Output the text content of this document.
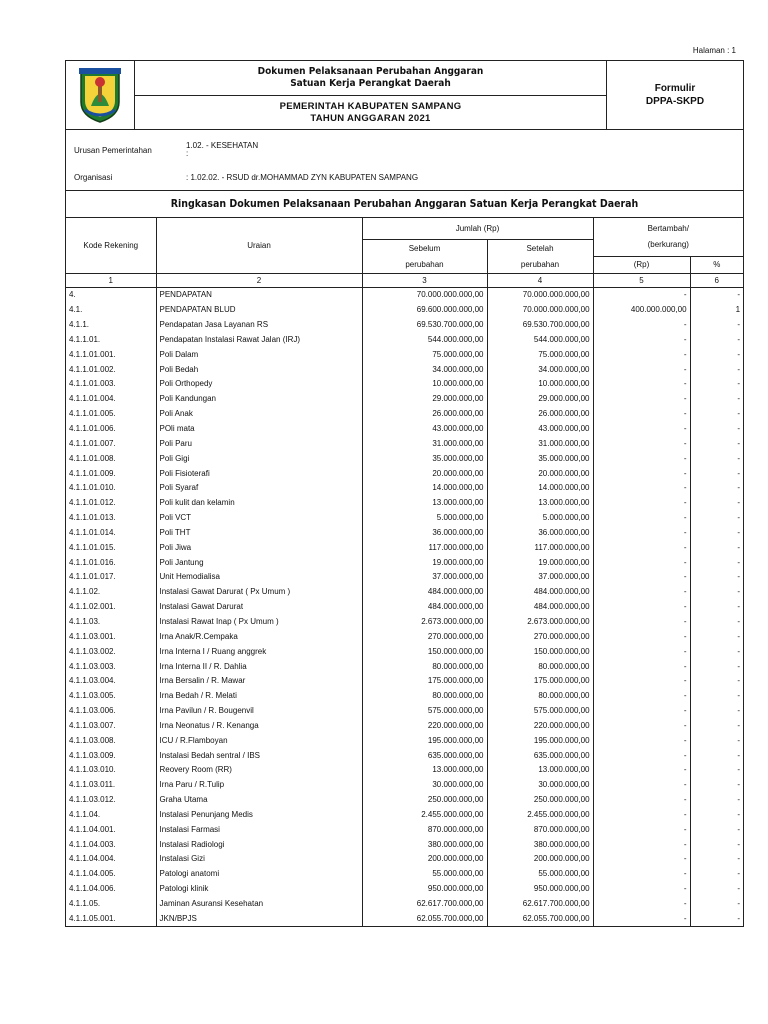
Halaman : 1
Dokumen Pelaksanaan Perubahan Anggaran
Satuan Kerja Perangkat Daerah
PEMERINTAH KABUPATEN SAMPANG
TAHUN ANGGARAN 2021
Formulir
DPPA-SKPD
Urusan Pemerintahan
1.02. - KESEHATAN
:
Organisasi	: 1.02.02. - RSUD dr.MOHAMMAD ZYN KABUPATEN SAMPANG
Ringkasan Dokumen Pelaksanaan Perubahan Anggaran Satuan Kerja Perangkat Daerah
Kode Rekening	Uraian	Jumlah (Rp)		Bertambah/	
		Sebelum	Setelah	(berkurang)	
		perubahan	perubahan	(Rp)	%
1	2	3	4	5	6
4.	PENDAPATAN	70.000.000.000,00	70.000.000.000,00	-	-
4.1.	PENDAPATAN BLUD	69.600.000.000,00	70.000.000.000,00	400.000.000,00	1
4.1.1.	Pendapatan Jasa Layanan RS	69.530.700.000,00	69.530.700.000,00	-	-
4.1.1.01.	Pendapatan Instalasi Rawat Jalan (IRJ)	544.000.000,00	544.000.000,00	-	-
4.1.1.01.001.	Poli Dalam	75.000.000,00	75.000.000,00	-	-
4.1.1.01.002.	Poli Bedah	34.000.000,00	34.000.000,00	-	-
4.1.1.01.003.	Poli Orthopedy	10.000.000,00	10.000.000,00	-	-
4.1.1.01.004.	Poli Kandungan	29.000.000,00	29.000.000,00	-	-
4.1.1.01.005.	Poli Anak	26.000.000,00	26.000.000,00	-	-
4.1.1.01.006.	POli mata	43.000.000,00	43.000.000,00	-	-
4.1.1.01.007.	Poli Paru	31.000.000,00	31.000.000,00	-	-
4.1.1.01.008.	Poli Gigi	35.000.000,00	35.000.000,00	-	-
4.1.1.01.009.	Poli Fisioterafi	20.000.000,00	20.000.000,00	-	-
4.1.1.01.010.	Poli Syaraf	14.000.000,00	14.000.000,00	-	-
4.1.1.01.012.	Poli kulit dan kelamin	13.000.000,00	13.000.000,00	-	-
4.1.1.01.013.	Poli VCT	5.000.000,00	5.000.000,00	-	-
4.1.1.01.014.	Poli THT	36.000.000,00	36.000.000,00	-	-
4.1.1.01.015.	Poli Jiwa	117.000.000,00	117.000.000,00	-	-
4.1.1.01.016.	Poli Jantung	19.000.000,00	19.000.000,00	-	-
4.1.1.01.017.	Unit Hemodialisa	37.000.000,00	37.000.000,00	-	-
4.1.1.02.	Instalasi Gawat Darurat ( Px Umum )	484.000.000,00	484.000.000,00	-	-
4.1.1.02.001.	Instalasi Gawat Darurat	484.000.000,00	484.000.000,00	-	-
4.1.1.03.	Instalasi Rawat Inap ( Px Umum )	2.673.000.000,00	2.673.000.000,00	-	-
4.1.1.03.001.	Irna Anak/R.Cempaka	270.000.000,00	270.000.000,00	-	-
4.1.1.03.002.	Irna Interna I / Ruang anggrek	150.000.000,00	150.000.000,00	-	-
4.1.1.03.003.	Irna Interna II / R. Dahlia	80.000.000,00	80.000.000,00	-	-
4.1.1.03.004.	Irna Bersalin / R. Mawar	175.000.000,00	175.000.000,00	-	-
4.1.1.03.005.	Irna Bedah / R. Melati	80.000.000,00	80.000.000,00	-	-
4.1.1.03.006.	Irna Pavilun / R. Bougenvil	575.000.000,00	575.000.000,00	-	-
4.1.1.03.007.	Irna Neonatus / R. Kenanga	220.000.000,00	220.000.000,00	-	-
4.1.1.03.008.	ICU / R.Flamboyan	195.000.000,00	195.000.000,00	-	-
4.1.1.03.009.	Instalasi Bedah sentral / IBS	635.000.000,00	635.000.000,00	-	-
4.1.1.03.010.	Reovery Room (RR)	13.000.000,00	13.000.000,00	-	-
4.1.1.03.011.	Irna Paru / R.Tulip	30.000.000,00	30.000.000,00	-	-
4.1.1.03.012.	Graha Utama	250.000.000,00	250.000.000,00	-	-
4.1.1.04.	Instalasi Penunjang Medis	2.455.000.000,00	2.455.000.000,00	-	-
4.1.1.04.001.	Instalasi Farmasi	870.000.000,00	870.000.000,00	-	-
4.1.1.04.003.	Instalasi Radiologi	380.000.000,00	380.000.000,00	-	-
4.1.1.04.004.	Instalasi Gizi	200.000.000,00	200.000.000,00	-	-
4.1.1.04.005.	Patologi anatomi	55.000.000,00	55.000.000,00	-	-
4.1.1.04.006.	Patologi klinik	950.000.000,00	950.000.000,00	-	-
4.1.1.05.	Jaminan Asuransi Kesehatan	62.617.700.000,00	62.617.700.000,00	-	-
4.1.1.05.001.	JKN/BPJS	62.055.700.000,00	62.055.700.000,00	-	-
